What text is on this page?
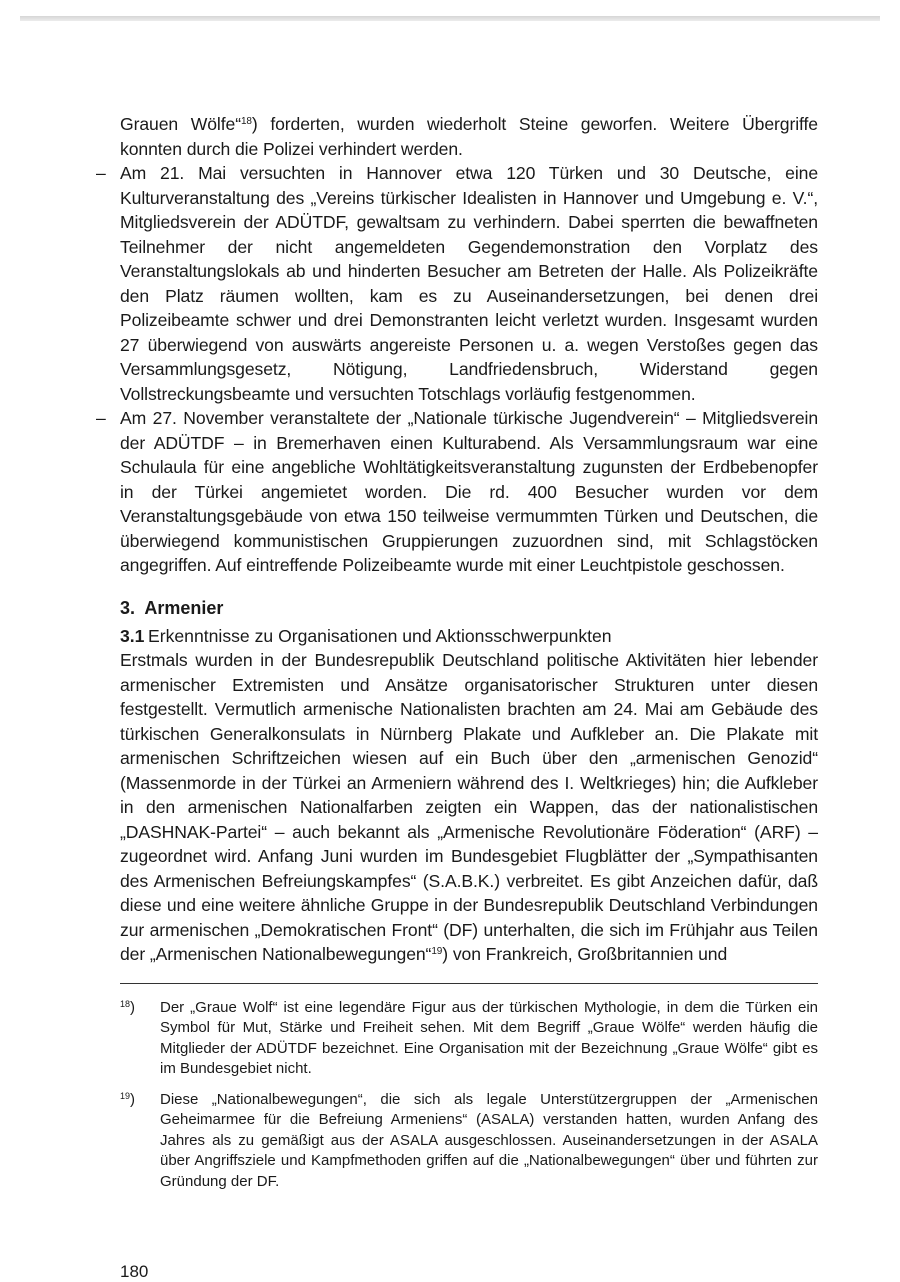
Grauen Wölfe“$^{18}$) forderten, wurden wiederholt Steine geworfen. Weitere Übergriffe konnten durch die Polizei verhindert werden.

– Am 21. Mai versuchten in Hannover etwa 120 Türken und 30 Deutsche, eine Kulturveranstaltung des „Vereins türkischer Idealisten in Hannover und Umgebung e. V.“, Mitgliedsverein der ADÜTDF, gewaltsam zu verhindern. Dabei sperrten die bewaffneten Teilnehmer der nicht angemeldeten Gegendemonstration den Vorplatz des Veranstaltungslokals ab und hinderten Besucher am Betreten der Halle. Als Polizeikräfte den Platz räumen wollten, kam es zu Auseinandersetzungen, bei denen drei Polizeibeamte schwer und drei Demonstranten leicht verletzt wurden. Insgesamt wurden 27 überwiegend von auswärts angereiste Personen u. a. wegen Verstoßes gegen das Versammlungsgesetz, Nötigung, Landfriedensbruch, Widerstand gegen Vollstreckungsbeamte und versuchten Totschlags vorläufig festgenommen.

– Am 27. November veranstaltete der „Nationale türkische Jugendverein“ – Mitgliedsverein der ADÜTDF – in Bremerhaven einen Kulturabend. Als Versammlungsraum war eine Schulaula für eine angebliche Wohltätigkeitsveranstaltung zugunsten der Erdbebenopfer in der Türkei angemietet worden. Die rd. 400 Besucher wurden vor dem Veranstaltungsgebäude von etwa 150 teilweise vermummten Türken und Deutschen, die überwiegend kommunistischen Gruppierungen zuzuordnen sind, mit Schlagstöcken angegriffen. Auf eintreffende Polizeibeamte wurde mit einer Leuchtpistole geschossen.

3. Armenier

3.1 Erkenntnisse zu Organisationen und Aktionsschwerpunkten

Erstmals wurden in der Bundesrepublik Deutschland politische Aktivitäten hier lebender armenischer Extremisten und Ansätze organisatorischer Strukturen unter diesen festgestellt. Vermutlich armenische Nationalisten brachten am 24. Mai am Gebäude des türkischen Generalkonsulats in Nürnberg Plakate und Aufkleber an. Die Plakate mit armenischen Schriftzeichen wiesen auf ein Buch über den „armenischen Genozid“ (Massenmorde in der Türkei an Armeniern während des I. Weltkrieges) hin; die Aufkleber in den armenischen Nationalfarben zeigten ein Wappen, das der nationalistischen „DASHNAK-Partei“ – auch bekannt als „Armenische Revolutionäre Föderation“ (ARF) – zugeordnet wird. Anfang Juni wurden im Bundesgebiet Flugblätter der „Sympathisanten des Armenischen Befreiungskampfes“ (S.A.B.K.) verbreitet. Es gibt Anzeichen dafür, daß diese und eine weitere ähnliche Gruppe in der Bundesrepublik Deutschland Verbindungen zur armenischen „Demokratischen Front“ (DF) unterhalten, die sich im Frühjahr aus Teilen der „Armenischen Nationalbewegungen“$^{19}$) von Frankreich, Großbritannien und

$^{18}$) Der „Graue Wolf“ ist eine legendäre Figur aus der türkischen Mythologie, in dem die Türken ein Symbol für Mut, Stärke und Freiheit sehen. Mit dem Begriff „Graue Wölfe“ werden häufig die Mitglieder der ADÜTDF bezeichnet. Eine Organisation mit der Bezeichnung „Graue Wölfe“ gibt es im Bundesgebiet nicht.

$^{19}$) Diese „Nationalbewegungen“, die sich als legale Unterstützergruppen der „Armenischen Geheimarmee für die Befreiung Armeniens“ (ASALA) verstanden hatten, wurden Anfang des Jahres als zu gemäßigt aus der ASALA ausgeschlossen. Auseinandersetzungen in der ASALA über Angriffsziele und Kampfmethoden griffen auf die „Nationalbewegungen“ über und führten zur Gründung der DF.

180
